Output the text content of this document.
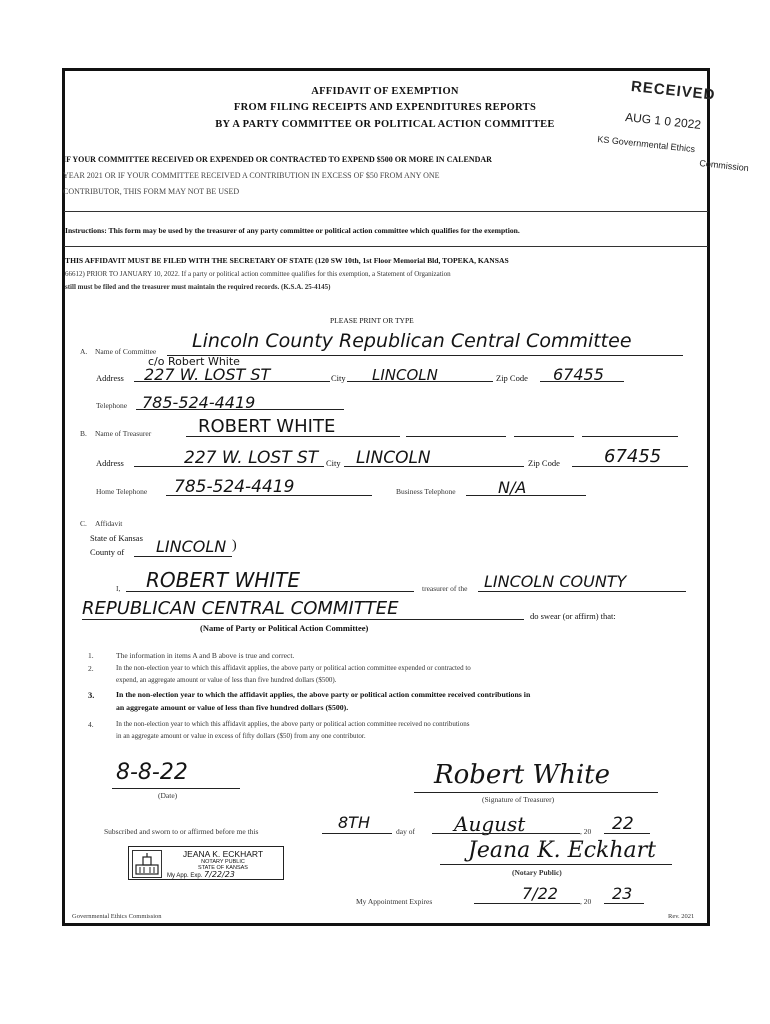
AFFIDAVIT OF EXEMPTION
FROM FILING RECEIPTS AND EXPENDITURES REPORTS
BY A PARTY COMMITTEE OR POLITICAL ACTION COMMITTEE
RECEIVED
AUG 1 0 2022
KS Governmental Ethics
Commission
IF YOUR COMMITTEE RECEIVED OR EXPENDED OR CONTRACTED TO EXPEND $500 OR MORE IN CALENDAR
YEAR 2021 OR IF YOUR COMMITTEE RECEIVED A CONTRIBUTION IN EXCESS OF $50 FROM ANY ONE
CONTRIBUTOR, THIS FORM MAY NOT BE USED
Instructions: This form may be used by the treasurer of any party committee or political action committee which qualifies for the exemption.
THIS AFFIDAVIT MUST BE FILED WITH THE SECRETARY OF STATE (120 SW 10th, 1st Floor Memorial Bld, TOPEKA, KANSAS
66612) PRIOR TO JANUARY 10, 2022. If a party or political action committee qualifies for this exemption, a Statement of Organization
still must be filed and the treasurer must maintain the required records. (K.S.A. 25-4145)
PLEASE PRINT OR TYPE
A. Name of Committee Lincoln County Republican Central Committee
c/o Robert White
Address 227 W. LOST ST	City LINCOLN	Zip Code 67455
Telephone 785-524-4419
B. Name of Treasurer	ROBERT WHITE
Address	227 W. LOST ST City LINCOLN	Zip Code 67455
Home Telephone 785-524-4419	Business Telephone	N/A
C. Affidavit
State of Kansas
County of LINCOLN )
I, ROBERT WHITE	treasurer of the LINCOLN COUNTY
REPUBLICAN CENTRAL COMMITTEE	do swear (or affirm) that:
(Name of Party or Political Action Committee)
1.	The information in items A and B above is true and correct.
2.	In the non-election year to which this affidavit applies, the above party or political action committee expended or contracted to
expend, an aggregate amount or value of less than five hundred dollars ($500).
3.	In the non-election year to which the affidavit applies, the above party or political action committee received contributions in
an aggregate amount or value of less than five hundred dollars ($500).
4.	In the non-election year to which this affidavit applies, the above party or political action committee received no contributions
in an aggregate amount or value in excess of fifty dollars ($50) from any one contributor.
8-8-22
(Date)
Robert White
(Signature of Treasurer)
Subscribed and sworn to or affirmed before me this	8TH	day of August	, 20 22
Jeana K. Eckhart
(Notary Public)
My Appointment Expires	7/22	, 20 23
JEANA K. ECKHART
NOTARY PUBLIC
STATE OF KANSAS
My App. Exp. 7/22/23
Governmental Ethics Commission	Rev. 2021
